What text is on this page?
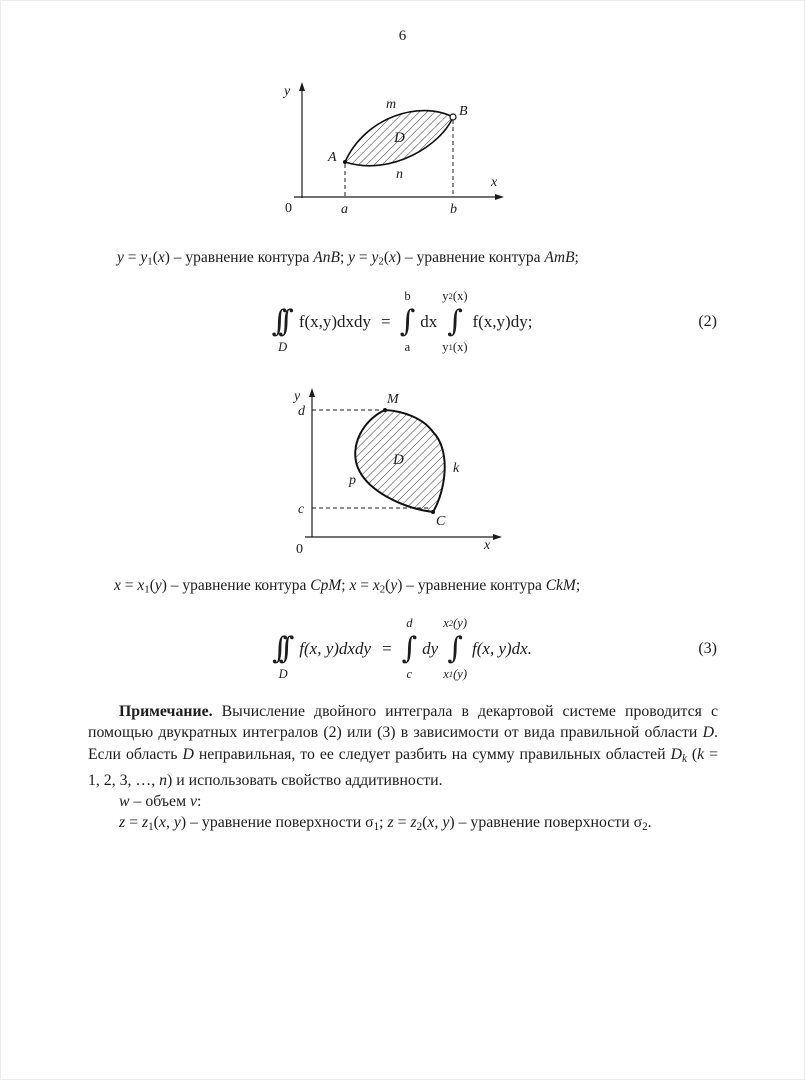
6
y
x
0	a	b
A
B
m
n
D
$y = y_1(x)$ – уравнение контура AnB; $y = y_2(x)$ – уравнение контура AmB;
∫∫
D
f(x,y)dxdy =
b
∫
a
dx
y 2 (x)
∫
y 1 (x)
f(x,y)dy;	(2)
y
x
0
d
c
M
C
p
k
D
$x = x_1(y)$ – уравнение контура CpM; $x = x_2(y)$ – уравнение контура CkM;
∫∫
D
f(x, y)dxdy =
d
∫
c
dy
x 2 (y)
∫
x 1 (y)
f(x, y)dx.	(3)

Примечание. Вычисление двойного интеграла в декартовой системе проводится с помощью двукратных интегралов (2) или (3) в зависимости от вида правильной области D. Если область D неправильная, то ее следует разбить на сумму правильных областей $D_k$ (k = 1, 2, 3, …, n) и использовать свойство аддитивности.

w – объем v:

$z = z_1(x$, y) – уравнение поверхности $\sigma_1$; $z = z_2(x$, y) – уравнение поверхности $\sigma_2$.
